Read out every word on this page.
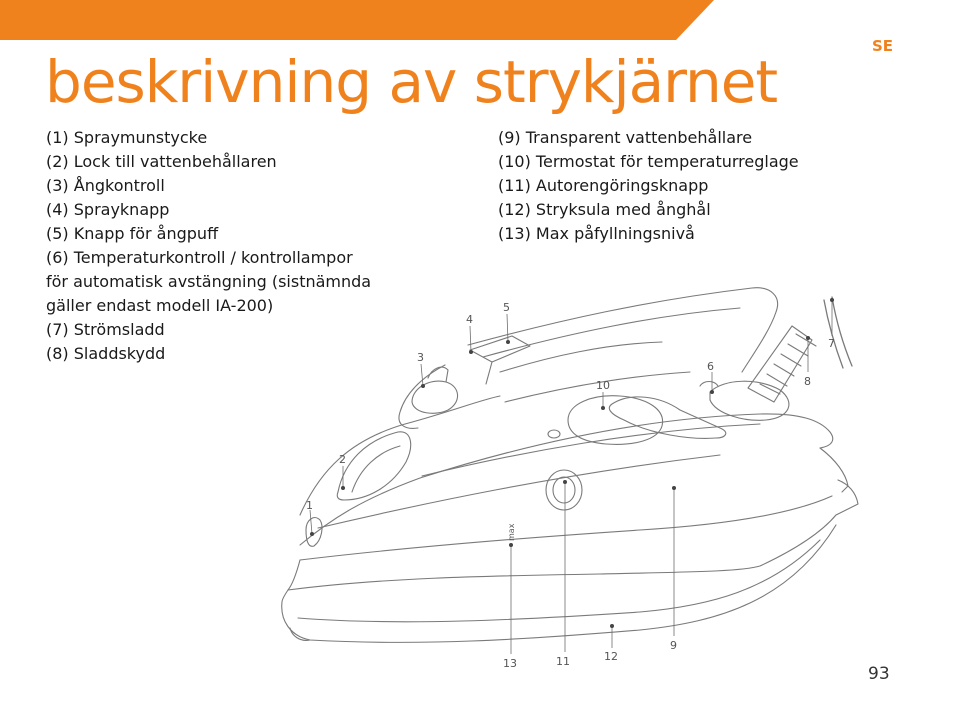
SE
beskrivning av strykjärnet
(1) Spraymunstycke
(2) Lock till vattenbehållaren
(3) Ångkontroll
(4) Sprayknapp
(5) Knapp för ångpuff
(6) Temperaturkontroll / kontrollampor
för automatisk avstängning (sistnämnda
gäller endast modell IA-200)
(7) Strömsladd
(8) Sladdskydd
(9) Transparent vattenbehållare
(10) Termostat för temperaturreglage
(11) Autorengöringsknapp
(12) Stryksula med ånghål
(13) Max påfyllningsnivå
1
2
3
4
5
6
7
8
9
10
11	12
13
max
93
